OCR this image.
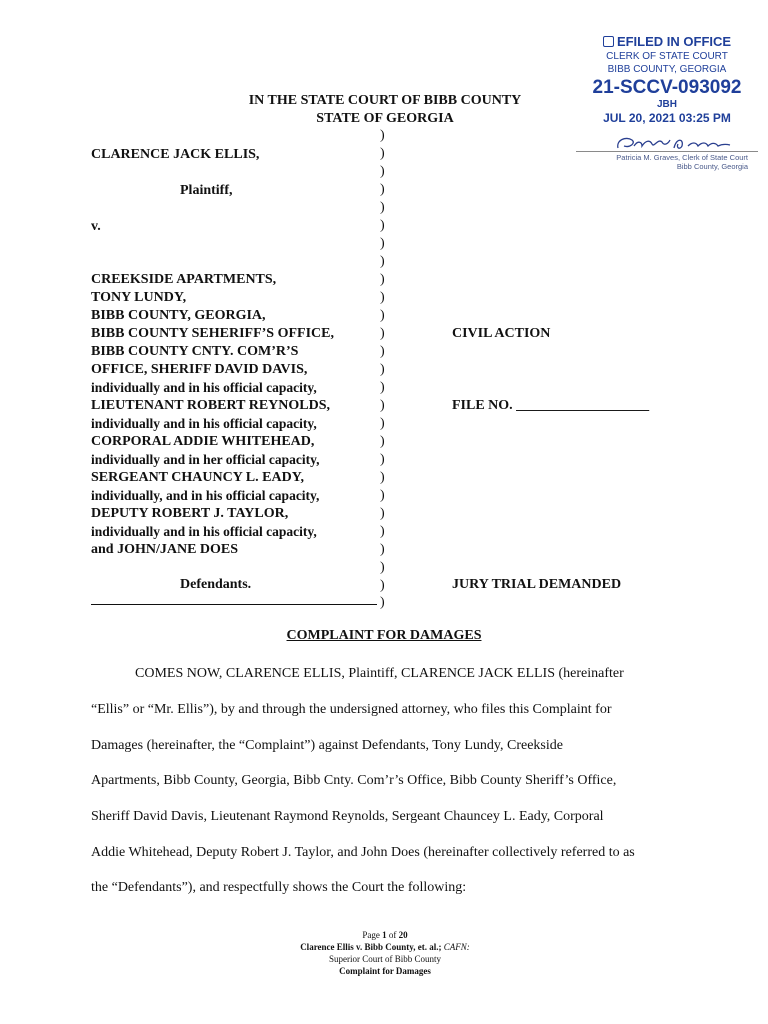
EFILED IN OFFICE
CLERK OF STATE COURT
BIBB COUNTY, GEORGIA
21-SCCV-093092
JBH
JUL 20, 2021 03:25 PM
Patricia M. Graves, Clerk of State Court
Bibb County, Georgia
IN THE STATE COURT OF BIBB COUNTY
STATE OF GEORGIA
CLARENCE JACK ELLIS,
Plaintiff,
v.
CREEKSIDE APARTMENTS,
TONY LUNDY,
BIBB COUNTY, GEORGIA,
BIBB COUNTY SEHERIFF’S OFFICE,
BIBB COUNTY CNTY. COM’R’S
OFFICE, SHERIFF DAVID DAVIS,
individually and in his official capacity,
LIEUTENANT ROBERT REYNOLDS,
individually and in his official capacity,
CORPORAL ADDIE WHITEHEAD,
individually and in her official capacity,
SERGEANT CHAUNCY L. EADY,
individually, and in his official capacity,
DEPUTY ROBERT J. TAYLOR,
individually and in his official capacity,
and JOHN/JANE DOES
Defendants.
)
)
)
)
)
)
)
)
)
)
)
)
)
)
)
)
)
)
)
)
)
)
)
)
)
)
)
CIVIL ACTION
FILE NO. ___________________
JURY TRIAL DEMANDED
COMPLAINT FOR DAMAGES
COMES NOW, CLARENCE ELLIS, Plaintiff, CLARENCE JACK ELLIS (hereinafter
“Ellis” or “Mr. Ellis”), by and through the undersigned attorney, who files this Complaint for
Damages (hereinafter, the “Complaint”) against Defendants, Tony Lundy, Creekside
Apartments, Bibb County, Georgia, Bibb Cnty. Com’r’s Office, Bibb County Sheriff’s Office,
Sheriff David Davis, Lieutenant Raymond Reynolds, Sergeant Chauncey L. Eady, Corporal
Addie Whitehead, Deputy Robert J. Taylor, and John Does (hereinafter collectively referred to as
the “Defendants”), and respectfully shows the Court the following:
Page 1 of 20
Clarence Ellis v. Bibb County, et. al.; CAFN:
Superior Court of Bibb County
Complaint for Damages
